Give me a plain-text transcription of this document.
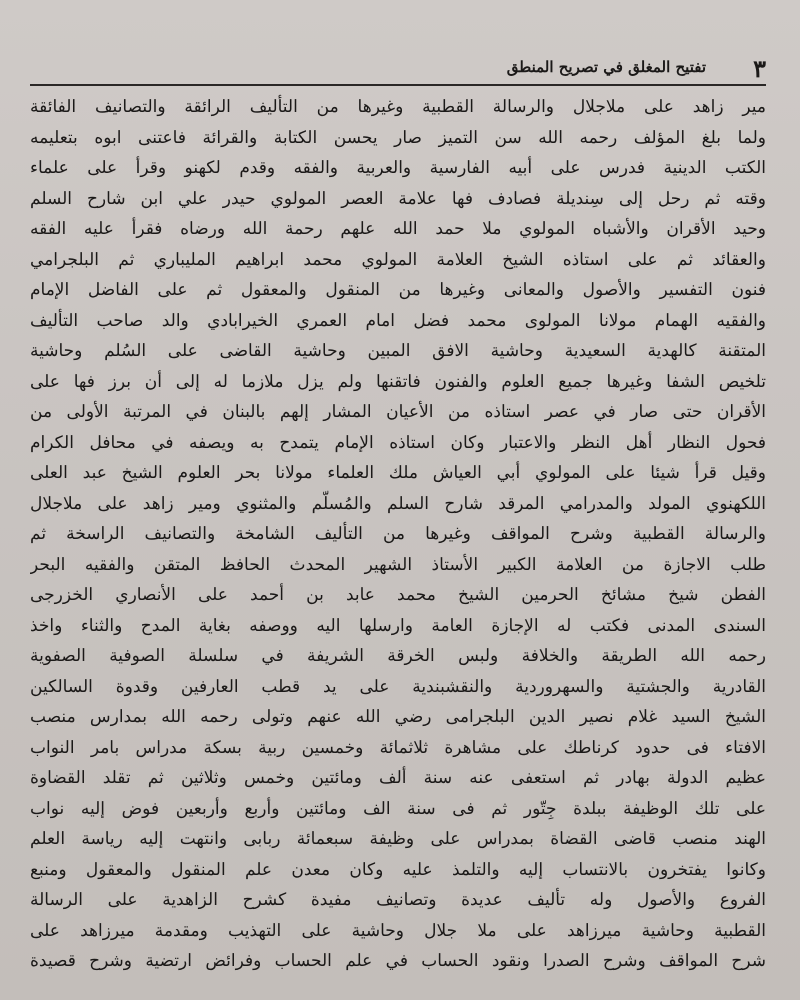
٣
تفتيح المغلق في تصريح المنطق
مير زاهد على ملاجلال والرسالة القطبية وغيرها من التأليف الرائقة والتصانيف الفائقة
ولما بلغ المؤلف رحمه الله سن التميز صار يحسن الكتابة والقرائة فاعتنى ابوه بتعليمه
الكتب الدينية فدرس على أبيه الفارسية والعربية والفقه وقدم لكهنو وقرأ على علماء
وقته ثم رحل إلى سِنديلة فصادف فها علامة العصر المولوي حيدر علي ابن شارح السلم
وحيد الأقران والأشباه المولوي ملا حمد الله علهم رحمة الله ورضاه فقرأ عليه الفقه
والعقائد ثم على استاذه الشيخ العلامة المولوي محمد ابراهيم المليباري ثم البلجرامي
فنون التفسير والأصول والمعانى وغيرها من المنقول والمعقول ثم على الفاضل الإمام
والفقيه الهمام مولانا المولوى محمد فضل امام العمري الخيرابادي والد صاحب التأليف
المتقنة كالهدية السعيدية وحاشية الافق المبين وحاشية القاضى على السُلم وحاشية
تلخيص الشفا وغيرها جميع العلوم والفنون فاتقنها ولم يزل ملازما له إلى أن برز فها على
الأقران حتى صار في عصر استاذه من الأعيان المشار إلهم بالبنان في المرتبة الأولى من
فحول النظار أهل النظر والاعتبار وكان استاذه الإمام يتمدح به ويصفه في محافل الكرام
وقيل قرأ شيئا على المولوي أبي العياش ملك العلماء مولانا بحر العلوم الشيخ عبد العلى
اللكهنوي المولد والمدرامي المرقد شارح السلم والمُسلّم والمثنوي ومير زاهد على ملاجلال
والرسالة القطبية وشرح المواقف وغيرها من التأليف الشامخة والتصانيف الراسخة ثم
طلب الاجازة من العلامة الكبير الأستاذ الشهير المحدث الحافظ المتقن والفقيه البحر
الفطن شيخ مشائخ الحرمين الشيخ محمد عابد بن أحمد على الأنصاري الخزرجى
السندى المدنى فكتب له الإجازة العامة وارسلها اليه ووصفه بغاية المدح والثناء واخذ
رحمه الله الطريقة والخلافة ولبس الخرقة الشريفة في سلسلة الصوفية الصفوية
القادرية والجشتية والسهروردية والنقشبندية على يد قطب العارفين وقدوة السالكين
الشيخ السيد غلام نصير الدين البلجرامى رضي الله عنهم وتولى رحمه الله بمدارس منصب
الافتاء فى حدود كرناطك على مشاهرة ثلاثمائة وخمسين ربية بسكة مدراس بامر النواب
عظيم الدولة بهادر ثم استعفى عنه سنة ألف ومائتين وخمس وثلاثين ثم تقلد القضاوة
على تلك الوظيفة ببلدة جِتّور ثم فى سنة الف ومائتين وأربع وأربعين فوض إليه نواب
الهند منصب قاضى القضاة بمدراس على وظيفة سبعمائة ربابى وانتهت إليه رياسة العلم
وكانوا يفتخرون بالانتساب إليه والتلمذ عليه وكان معدن علم المنقول والمعقول ومنبع
الفروع والأصول وله تأليف عديدة وتصانيف مفيدة كشرح الزاهدية على الرسالة
القطبية وحاشية ميرزاهد على ملا جلال وحاشية على التهذيب ومقدمة ميرزاهد على
شرح المواقف وشرح الصدرا ونقود الحساب في علم الحساب وفرائض ارتضية وشرح قصيدة
